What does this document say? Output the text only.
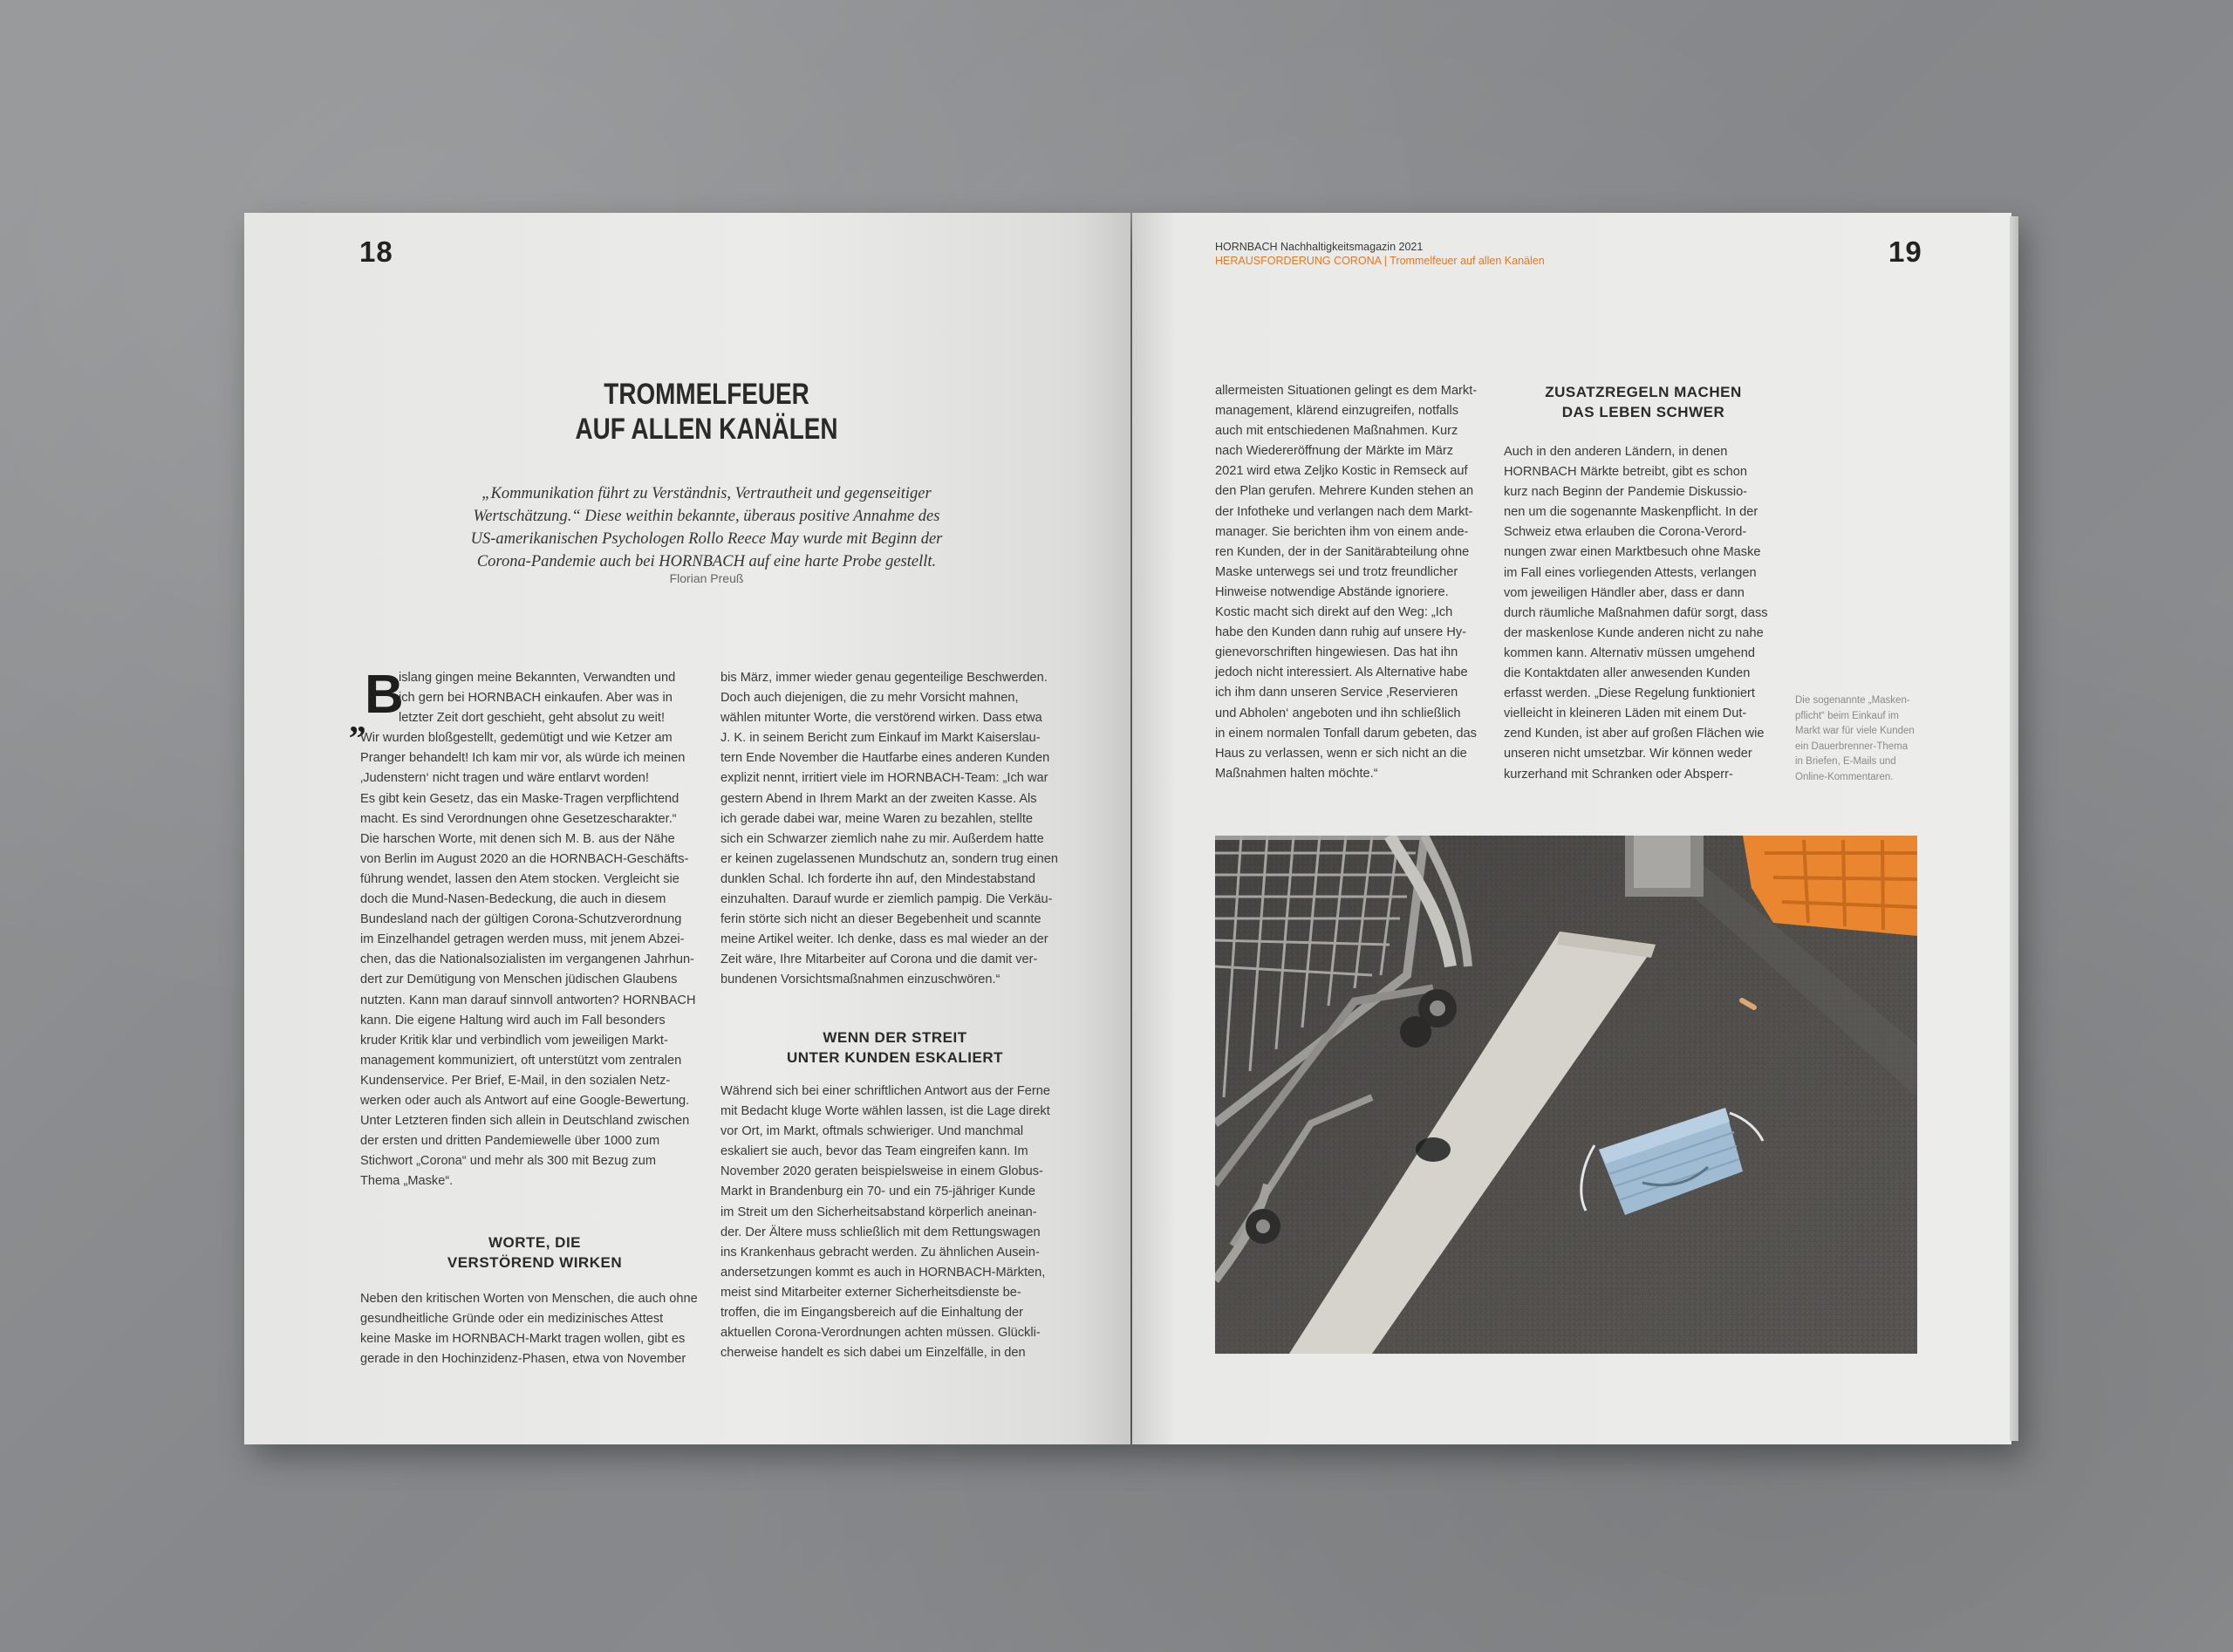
18
TROMMELFEUER
AUF ALLEN KANÄLEN
„Kommunikation führt zu Verständnis, Vertrautheit und gegenseitiger
Wertschätzung.“ Diese weithin bekannte, überaus positive Annahme des
US-amerikanischen Psychologen Rollo Reece May wurde mit Beginn der
Corona-Pandemie auch bei HORNBACH auf eine harte Probe gestellt.
Florian Preuß
„
B

islang gingen meine Bekannten, Verwandten und

ich gern bei HORNBACH einkaufen. Aber was in

letzter Zeit dort geschieht, geht absolut zu weit!

Wir wurden bloßgestellt, gedemütigt und wie Ketzer am

Pranger behandelt! Ich kam mir vor, als würde ich meinen

‚Judenstern‘ nicht tragen und wäre entlarvt worden!

Es gibt kein Gesetz, das ein Maske-Tragen verpflichtend

macht. Es sind Verordnungen ohne Gesetzescharakter.“

Die harschen Worte, mit denen sich M. B. aus der Nähe

von Berlin im August 2020 an die HORNBACH-Geschäfts-

führung wendet, lassen den Atem stocken. Vergleicht sie

doch die Mund-Nasen-Bedeckung, die auch in diesem

Bundesland nach der gültigen Corona-Schutzverordnung

im Einzelhandel getragen werden muss, mit jenem Abzei-

chen, das die Nationalsozialisten im vergangenen Jahrhun-

dert zur Demütigung von Menschen jüdischen Glaubens

nutzten. Kann man darauf sinnvoll antworten? HORNBACH

kann. Die eigene Haltung wird auch im Fall besonders

kruder Kritik klar und verbindlich vom jeweiligen Markt-

management kommuniziert, oft unterstützt vom zentralen

Kundenservice. Per Brief, E-Mail, in den sozialen Netz-

werken oder auch als Antwort auf eine Google-Bewertung.

Unter Letzteren finden sich allein in Deutschland zwischen

der ersten und dritten Pandemiewelle über 1000 zum

Stichwort „Corona“ und mehr als 300 mit Bezug zum

Thema „Maske“.

WORTE, DIE
VERSTÖREND WIRKEN

Neben den kritischen Worten von Menschen, die auch ohne

gesundheitliche Gründe oder ein medizinisches Attest

keine Maske im HORNBACH-Markt tragen wollen, gibt es

gerade in den Hochinzidenz-Phasen, etwa von November

bis März, immer wieder genau gegenteilige Beschwerden.

Doch auch diejenigen, die zu mehr Vorsicht mahnen,

wählen mitunter Worte, die verstörend wirken. Dass etwa

J. K. in seinem Bericht zum Einkauf im Markt Kaiserslau-

tern Ende November die Hautfarbe eines anderen Kunden

explizit nennt, irritiert viele im HORNBACH-Team: „Ich war

gestern Abend in Ihrem Markt an der zweiten Kasse. Als

ich gerade dabei war, meine Waren zu bezahlen, stellte

sich ein Schwarzer ziemlich nahe zu mir. Außerdem hatte

er keinen zugelassenen Mundschutz an, sondern trug einen

dunklen Schal. Ich forderte ihn auf, den Mindestabstand

einzuhalten. Darauf wurde er ziemlich pampig. Die Verkäu-

ferin störte sich nicht an dieser Begebenheit und scannte

meine Artikel weiter. Ich denke, dass es mal wieder an der

Zeit wäre, Ihre Mitarbeiter auf Corona und die damit ver-

bundenen Vorsichtsmaßnahmen einzuschwören.“

WENN DER STREIT
UNTER KUNDEN ESKALIERT

Während sich bei einer schriftlichen Antwort aus der Ferne

mit Bedacht kluge Worte wählen lassen, ist die Lage direkt

vor Ort, im Markt, oftmals schwieriger. Und manchmal

eskaliert sie auch, bevor das Team eingreifen kann. Im

November 2020 geraten beispielsweise in einem Globus-

Markt in Brandenburg ein 70- und ein 75-jähriger Kunde

im Streit um den Sicherheitsabstand körperlich aneinan-

der. Der Ältere muss schließlich mit dem Rettungswagen

ins Krankenhaus gebracht werden. Zu ähnlichen Ausein-

andersetzungen kommt es auch in HORNBACH-Märkten,

meist sind Mitarbeiter externer Sicherheitsdienste be-

troffen, die im Eingangsbereich auf die Einhaltung der

aktuellen Corona-Verordnungen achten müssen. Glückli-

cherweise handelt es sich dabei um Einzelfälle, in den

HORNBACH Nachhaltigkeitsmagazin 2021
HERAUSFORDERUNG CORONA | Trommelfeuer auf allen Kanälen	19

allermeisten Situationen gelingt es dem Markt-

management, klärend einzugreifen, notfalls

auch mit entschiedenen Maßnahmen. Kurz

nach Wiedereröffnung der Märkte im März

2021 wird etwa Zeljko Kostic in Remseck auf

den Plan gerufen. Mehrere Kunden stehen an

der Infotheke und verlangen nach dem Markt-

manager. Sie berichten ihm von einem ande-

ren Kunden, der in der Sanitärabteilung ohne

Maske unterwegs sei und trotz freundlicher

Hinweise notwendige Abstände ignoriere.

Kostic macht sich direkt auf den Weg: „Ich

habe den Kunden dann ruhig auf unsere Hy-

gienevorschriften hingewiesen. Das hat ihn

jedoch nicht interessiert. Als Alternative habe

ich ihm dann unseren Service ‚Reservieren

und Abholen‘ angeboten und ihn schließlich

in einem normalen Tonfall darum gebeten, das

Haus zu verlassen, wenn er sich nicht an die

Maßnahmen halten möchte.“

ZUSATZREGELN MACHEN
DAS LEBEN SCHWER

Auch in den anderen Ländern, in denen

HORNBACH Märkte betreibt, gibt es schon

kurz nach Beginn der Pandemie Diskussio-

nen um die sogenannte Maskenpflicht. In der

Schweiz etwa erlauben die Corona-Verord-

nungen zwar einen Marktbesuch ohne Maske

im Fall eines vorliegenden Attests, verlangen

vom jeweiligen Händler aber, dass er dann

durch räumliche Maßnahmen dafür sorgt, dass

der maskenlose Kunde anderen nicht zu nahe

kommen kann. Alternativ müssen umgehend

die Kontaktdaten aller anwesenden Kunden

erfasst werden. „Diese Regelung funktioniert

vielleicht in kleineren Läden mit einem Dut-

zend Kunden, ist aber auf großen Flächen wie

unseren nicht umsetzbar. Wir können weder

kurzerhand mit Schranken oder Absperr-

Die sogenannte „Masken-
pflicht“ beim Einkauf im
Markt war für viele Kunden
ein Dauerbrenner-Thema
in Briefen, E-Mails und
Online-Kommentaren.
